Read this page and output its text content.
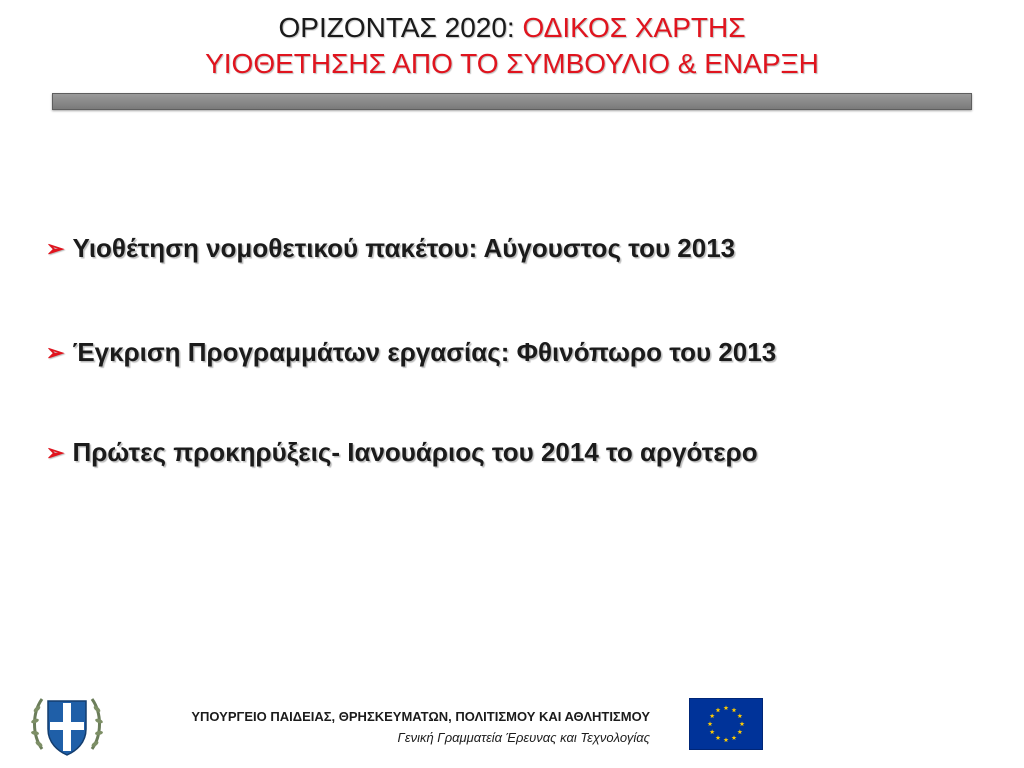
ΟΡΙΖΟΝΤΑΣ 2020: ΟΔΙΚΟΣ ΧΑΡΤΗΣ
ΥΙΟΘΕΤΗΣΗΣ ΑΠΟ ΤΟ ΣΥΜΒΟΥΛΙΟ & ΕΝΑΡΞΗ
➢ Υιοθέτηση νομοθετικού πακέτου: Αύγουστος του 2013
➢ Έγκριση Προγραμμάτων εργασίας: Φθινόπωρο του 2013
➢ Πρώτες προκηρύξεις- Ιανουάριος του 2014 το αργότερο
ΥΠΟΥΡΓΕΙΟ ΠΑΙΔΕΙΑΣ, ΘΡΗΣΚΕΥΜΑΤΩΝ, ΠΟΛΙΤΙΣΜΟΥ ΚΑΙ ΑΘΛΗΤΙΣΜΟΥ
Γενική Γραμματεία Έρευνας και Τεχνολογίας
